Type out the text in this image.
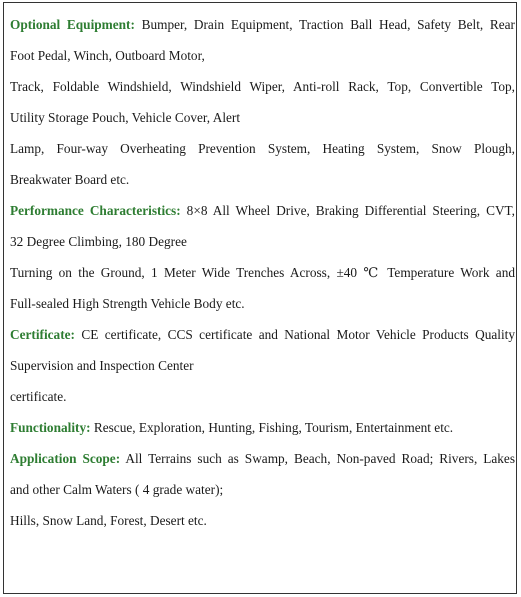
Optional Equipment: Bumper, Drain Equipment, Traction Ball Head, Safety Belt, Rear
Foot Pedal, Winch, Outboard Motor,
Track, Foldable Windshield, Windshield Wiper, Anti-roll Rack, Top, Convertible Top,
Utility Storage Pouch, Vehicle Cover, Alert
Lamp, Four-way Overheating Prevention System, Heating System, Snow Plough,
Breakwater Board etc.
Performance Characteristics: 8×8 All Wheel Drive, Braking Differential Steering, CVT,
32 Degree Climbing, 180 Degree
Turning on the Ground, 1 Meter Wide Trenches Across, ±40 ℃ Temperature Work and
Full-sealed High Strength Vehicle Body etc.
Certificate: CE certificate, CCS certificate and National Motor Vehicle Products Quality
Supervision and Inspection Center
certificate.
Functionality: Rescue, Exploration, Hunting, Fishing, Tourism, Entertainment etc.
Application Scope: All Terrains such as Swamp, Beach, Non-paved Road; Rivers, Lakes
and other Calm Waters ( 4 grade water);
Hills, Snow Land, Forest, Desert etc.
